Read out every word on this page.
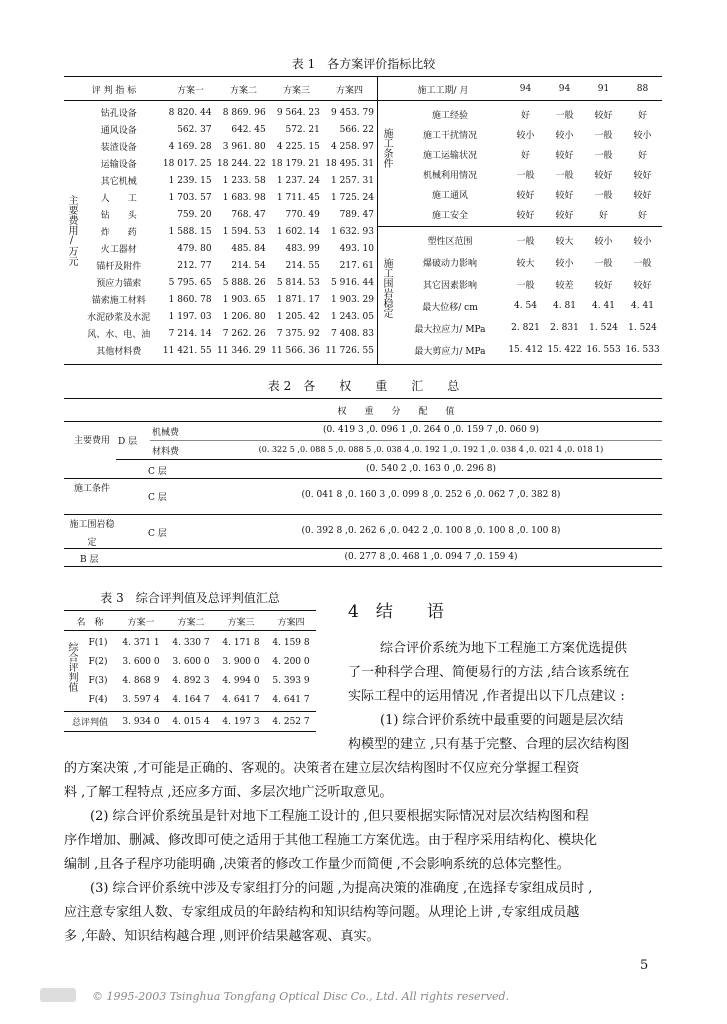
表 1　各方案评价指标比较
评 判 指 标	方案一	方案二	方案三	方案四
主要费用/万元
钻孔设备	8 820. 44	8 869. 96	9 564. 23	9 453. 79
通风设备	562. 37	642. 45	572. 21	566. 22
装渣设备	4 169. 28	3 961. 80	4 225. 15	4 258. 97
运输设备	18 017. 25	18 244. 22	18 179. 21	18 495. 31
其它机械	1 239. 15	1 233. 58	1 237. 24	1 257. 31
人　　工	1 703. 57	1 683. 98	1 711. 45	1 725. 24
钻　　头	759. 20	768. 47	770. 49	789. 47
炸　　药	1 588. 15	1 594. 53	1 602. 14	1 632. 93
火工器材	479. 80	485. 84	483. 99	493. 10
锚杆及附件	212. 77	214. 54	214. 55	217. 61
预应力锚索	5 795. 65	5 888. 26	5 814. 53	5 916. 44
锚索施工材料	1 860. 78	1 903. 65	1 871. 17	1 903. 29
水泥砂浆及水泥	1 197. 03	1 206. 80	1 205. 42	1 243. 05
风、水、电、油	7 214. 14	7 262. 26	7 375. 92	7 408. 83
其他材料费	11 421. 55	11 346. 29	11 566. 36	11 726. 55
施工工期/ 月	94	94	91	88
施工条件
施工围岩稳定
施工经验	好	一般	较好	好
施工干扰情况	较小	较小	一般	较小
施工运输状况	好	较好	一般	好
机械利用情况	一般	一般	较好	较好
施工通风	较好	较好	一般	较好
施工安全	较好	较好	好	好
塑性区范围	一般	较大	较小	较小
爆破动力影响	较大	较小	一般	一般
其它因素影响	一般	较差	较好	较好
最大位移/ cm	4. 54	4. 81	4. 41	4. 41
最大拉应力/ MPa	2. 821	2. 831	1. 524	1. 524
最大剪应力/ MPa	15. 412	15. 422	16. 553	16. 533
表 2　各　　权　　重　　汇　　总
权　　重　　分　　配　　值
主要费用 D 层
机械费	(0. 419 3 ,0. 096 1 ,0. 264 0 ,0. 159 7 ,0. 060 9)
材料费	(0. 322 5 ,0. 088 5 ,0. 088 5 ,0. 038 4 ,0. 192 1 ,0. 192 1 ,0. 038 4 ,0. 021 4 ,0. 018 1)
C 层	(0. 540 2 ,0. 163 0 ,0. 296 8)
施工条件
C 层	(0. 041 8 ,0. 160 3 ,0. 099 8 ,0. 252 6 ,0. 062 7 ,0. 382 8)
施工围岩稳定
C 层	(0. 392 8 ,0. 262 6 ,0. 042 2 ,0. 100 8 ,0. 100 8 ,0. 100 8)
B 层	(0. 277 8 ,0. 468 1 ,0. 094 7 ,0. 159 4)
表 3　综合评判值及总评判值汇总
名　称	方案一	方案二	方案三	方案四
综合评判值 F(1)	4. 371 1	4. 330 7	4. 171 8	4. 159 8
F(2)	3. 600 0	3. 600 0	3. 900 0	4. 200 0
F(3)	4. 868 9	4. 892 3	4. 994 0	5. 393 9
F(4)	3. 597 4	4. 164 7	4. 641 7	4. 641 7
总评判值	3. 934 0	4. 015 4	4. 197 3	4. 252 7
4　结　　语
综合评价系统为地下工程施工方案优选提供
了一种科学合理、简便易行的方法 ,结合该系统在
实际工程中的运用情况 ,作者提出以下几点建议 :
(1) 综合评价系统中最重要的问题是层次结
构模型的建立 ,只有基于完整、合理的层次结构图
的方案决策 ,才可能是正确的、客观的。决策者在建立层次结构图时不仅应充分掌握工程资
料 ,了解工程特点 ,还应多方面、多层次地广泛听取意见。
(2) 综合评价系统虽是针对地下工程施工设计的 ,但只要根据实际情况对层次结构图和程
序作增加、删减、修改即可使之适用于其他工程施工方案优选。由于程序采用结构化、模块化
编制 ,且各子程序功能明确 ,决策者的修改工作量少而简便 ,不会影响系统的总体完整性。
(3) 综合评价系统中涉及专家组打分的问题 ,为提高决策的准确度 ,在选择专家组成员时 ,
应注意专家组人数、专家组成员的年龄结构和知识结构等问题。从理论上讲 ,专家组成员越
多 ,年龄、知识结构越合理 ,则评价结果越客观、真实。
5
© 1995-2003 Tsinghua Tongfang Optical Disc Co., Ltd. All rights reserved.
